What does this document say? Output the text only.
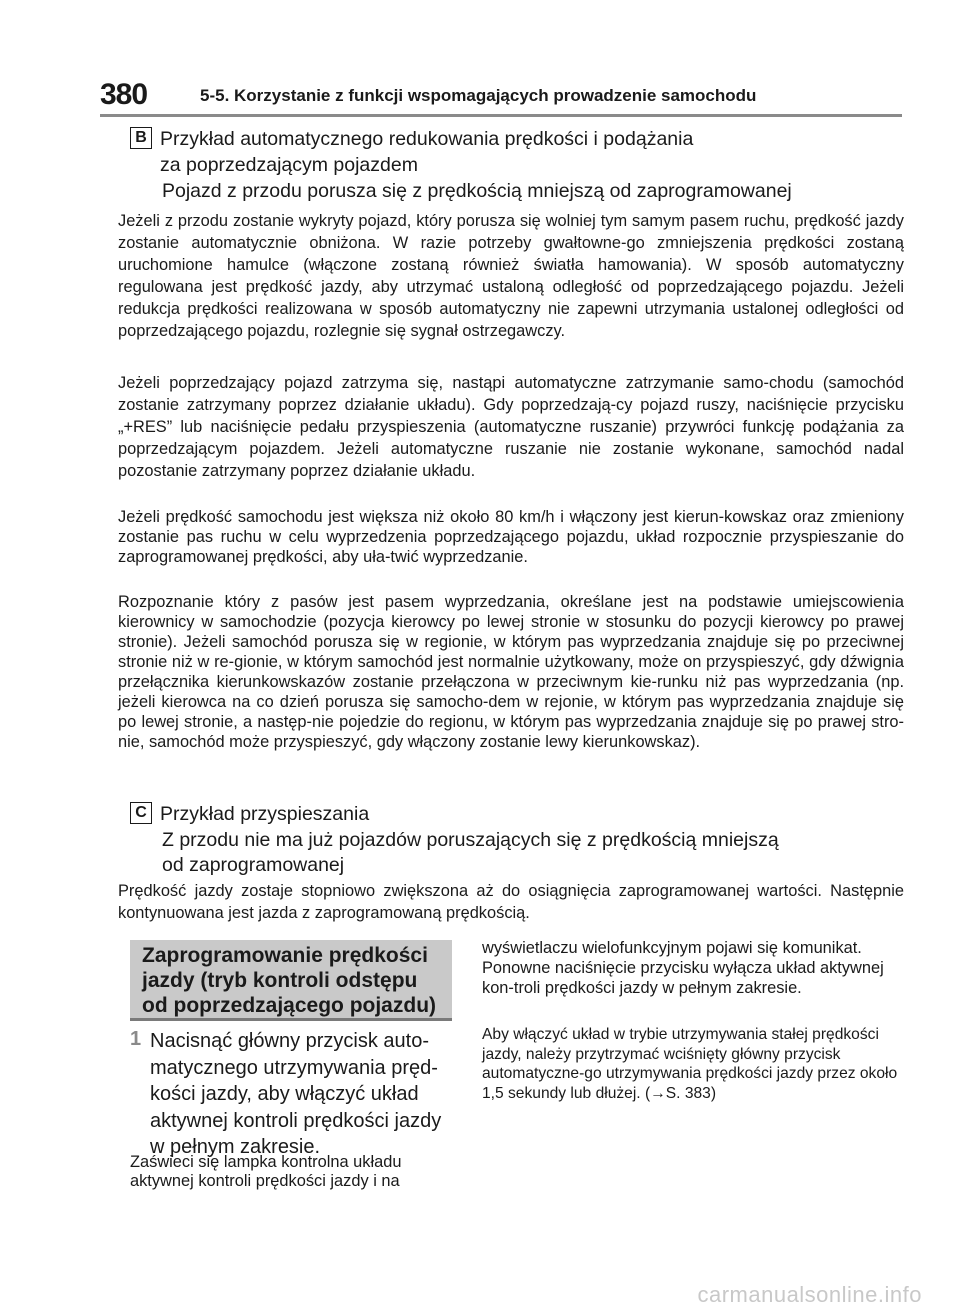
380	5-5. Korzystanie z funkcji wspomagających prowadzenie samochodu
B Przykład automatycznego redukowania prędkości i podążania
za poprzedzającym pojazdem
Pojazd z przodu porusza się z prędkością mniejszą od zaprogramowanej
Jeżeli z przodu zostanie wykryty pojazd, który porusza się wolniej tym samym pasem ruchu, prędkość jazdy zostanie automatycznie obniżona. W razie potrzeby gwałtowne-go zmniejszenia prędkości zostaną uruchomione hamulce (włączone zostaną również światła hamowania). W sposób automatyczny regulowana jest prędkość jazdy, aby utrzymać ustaloną odległość od poprzedzającego pojazdu. Jeżeli redukcja prędkości realizowana w sposób automatyczny nie zapewni utrzymania ustalonej odległości od poprzedzającego pojazdu, rozlegnie się sygnał ostrzegawczy.
Jeżeli poprzedzający pojazd zatrzyma się, nastąpi automatyczne zatrzymanie samo-chodu (samochód zostanie zatrzymany poprzez działanie układu). Gdy poprzedzają-cy pojazd ruszy, naciśnięcie przycisku „+RES” lub naciśnięcie pedału przyspieszenia (automatyczne ruszanie) przywróci funkcję podążania za poprzedzającym pojazdem. Jeżeli automatyczne ruszanie nie zostanie wykonane, samochód nadal pozostanie zatrzymany poprzez działanie układu.
Jeżeli prędkość samochodu jest większa niż około 80 km/h i włączony jest kierun-kowskaz oraz zmieniony zostanie pas ruchu w celu wyprzedzenia poprzedzającego pojazdu, układ rozpocznie przyspieszanie do zaprogramowanej prędkości, aby uła-twić wyprzedzanie.
Rozpoznanie który z pasów jest pasem wyprzedzania, określane jest na podstawie umiejscowienia kierownicy w samochodzie (pozycja kierowcy po lewej stronie w stosunku do pozycji kierowcy po prawej stronie). Jeżeli samochód porusza się w regionie, w którym pas wyprzedzania znajduje się po przeciwnej stronie niż w re-gionie, w którym samochód jest normalnie użytkowany, może on przyspieszyć, gdy dźwignia przełącznika kierunkowskazów zostanie przełączona w przeciwnym kie-runku niż pas wyprzedzania (np. jeżeli kierowca na co dzień porusza się samocho-dem w rejonie, w którym pas wyprzedzania znajduje się po lewej stronie, a następ-nie pojedzie do regionu, w którym pas wyprzedzania znajduje się po prawej stro-nie, samochód może przyspieszyć, gdy włączony zostanie lewy kierunkowskaz).
C Przykład przyspieszania
Z przodu nie ma już pojazdów poruszających się z prędkością mniejszą
od zaprogramowanej
Prędkość jazdy zostaje stopniowo zwiększona aż do osiągnięcia zaprogramowanej wartości. Następnie kontynuowana jest jazda z zaprogramowaną prędkością.
Zaprogramowanie prędkości
jazdy (tryb kontroli odstępu
od poprzedzającego pojazdu)
1 Nacisnąć główny przycisk auto-matycznego utrzymywania pręd-kości jazdy, aby włączyć układ aktywnej kontroli prędkości jazdy w pełnym zakresie.
Zaświeci się lampka kontrolna układu aktywnej kontroli prędkości jazdy i na
wyświetlaczu wielofunkcyjnym pojawi się komunikat. Ponowne naciśnięcie przycisku wyłącza układ aktywnej kon-troli prędkości jazdy w pełnym zakresie.
Aby włączyć układ w trybie utrzymywania stałej prędkości jazdy, należy przytrzymać wciśnięty główny przycisk automatyczne-go utrzymywania prędkości jazdy przez około 1,5 sekundy lub dłużej. (→S. 383)
carmanualsonline.info
